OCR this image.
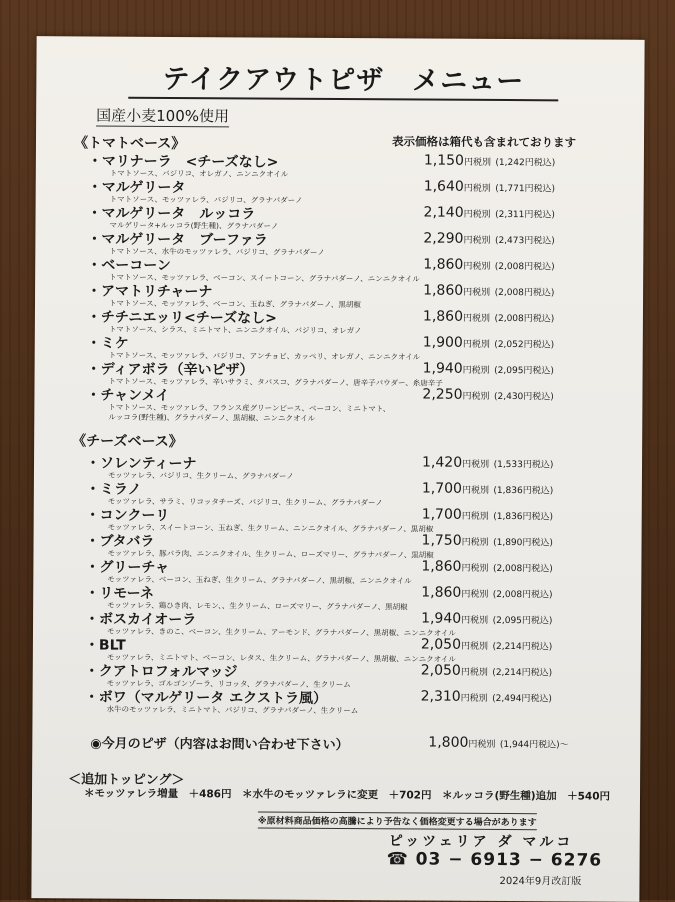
テイクアウトピザ　メニュー
国産小麦100%使用
《トマトベース》	表示価格は箱代も含まれております
・マリナーラ　<チーズなし>
トマトソース、バジリコ、オレガノ、ニンニクオイル
1,150円税別 (1,242円税込)
・マルゲリータ
トマトソース、モッツァレラ、バジリコ、グラナパダーノ
1,640円税別 (1,771円税込)
・マルゲリータ　ルッコラ
マルゲリータ+ルッコラ(野生種)、グラナパダーノ
2,140円税別 (2,311円税込)
・マルゲリータ　ブーファラ
トマトソース、水牛のモッツァレラ、バジリコ、グラナパダーノ
2,290円税別 (2,473円税込)
・ベーコーン
トマトソース、モッツァレラ、ベーコン、スイートコーン、グラナパダーノ、ニンニクオイル
1,860円税別 (2,008円税込)
・アマトリチャーナ
トマトソース、モッツァレラ、ベーコン、玉ねぎ、グラナパダーノ、黒胡椒
1,860円税別 (2,008円税込)
・チチニエッリ<チーズなし>
トマトソース、シラス、ミニトマト、ニンニクオイル、バジリコ、オレガノ
1,860円税別 (2,008円税込)
・ミケ
トマトソース、モッツァレラ、バジリコ、アンチョビ、カッペリ、オレガノ、ニンニクオイル
1,900円税別 (2,052円税込)
・ディアボラ（辛いピザ）
トマトソース、モッツァレラ、辛いサラミ、タバスコ、グラナパダーノ、唐辛子パウダー、糸唐辛子
1,940円税別 (2,095円税込)
・チャンメイ
トマトソース、モッツァレラ、フランス産グリーンピース、ベーコン、ミニトマト、
ルッコラ(野生種)、グラナパダーノ、黒胡椒、ニンニクオイル
2,250円税別 (2,430円税込)
《チーズベース》
・ソレンティーナ
モッツァレラ、バジリコ、生クリーム、グラナパダーノ
1,420円税別 (1,533円税込)
・ミラノ
モッツァレラ、サラミ、リコッタチーズ、バジリコ、生クリーム、グラナパダーノ
1,700円税別 (1,836円税込)
・コンクーリ
モッツァレラ、スイートコーン、玉ねぎ、生クリーム、ニンニクオイル、グラナパダーノ、黒胡椒
1,700円税別 (1,836円税込)
・ブタバラ
モッツァレラ、豚バラ肉、ニンニクオイル、生クリーム、ローズマリー、グラナパダーノ、黒胡椒
1,750円税別 (1,890円税込)
・グリーチャ
モッツァレラ、ベーコン、玉ねぎ、生クリーム、グラナパダーノ、黒胡椒、ニンニクオイル
1,860円税別 (2,008円税込)
・リモーネ
モッツァレラ、鶏ひき肉、レモン、、生クリーム、ローズマリー、グラナパダーノ、黒胡椒
1,860円税別 (2,008円税込)
・ボスカイオーラ
モッツァレラ、きのこ、ベーコン、生クリーム、アーモンド、グラナパダーノ、黒胡椒、ニンニクオイル
1,940円税別 (2,095円税込)
・BLT
モッツァレラ、ミニトマト、ベーコン、レタス、生クリーム、グラナパダーノ、黒胡椒、ニンニクオイル
2,050円税別 (2,214円税込)
・クアトロフォルマッジ
モッツァレラ、ゴルゴンゾーラ、リコッタ、グラナパダーノ、生クリーム
2,050円税別 (2,214円税込)
・ボワ（マルゲリータ エクストラ風）
水牛のモッツァレラ、ミニトマト、バジリコ、グラナパダーノ、生クリーム
2,310円税別 (2,494円税込)
◉今月のピザ（内容はお問い合わせ下さい）	1,800円税別 (1,944円税込)〜
＜追加トッピング＞
＊モッツァレラ増量　＋486円　＊水牛のモッツァレラに変更　＋702円　＊ルッコラ(野生種)追加　＋540円
※原材料商品価格の高騰により予告なく価格変更する場合があります
ピッツェリア ダ マルコ
☎ 03 − 6913 − 6276
2024年9月改訂版
